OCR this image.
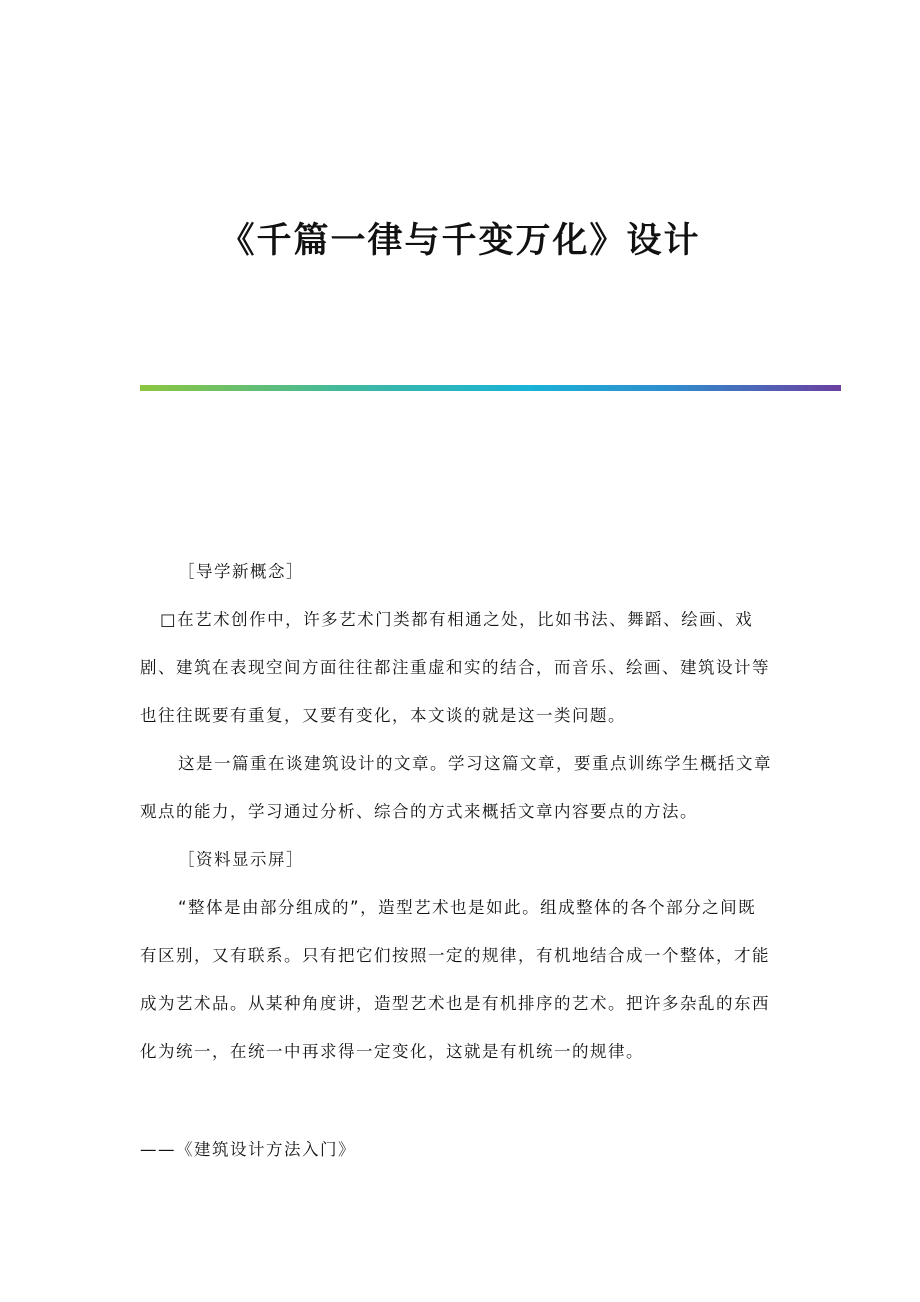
《千篇一律与千变万化》设计

［导学新概念］

□在艺术创作中，许多艺术门类都有相通之处，比如书法、舞蹈、绘画、戏剧、建筑在表现空间方面往往都注重虚和实的结合，而音乐、绘画、建筑设计等也往往既要有重复，又要有变化，本文谈的就是这一类问题。

这是一篇重在谈建筑设计的文章。学习这篇文章，要重点训练学生概括文章观点的能力，学习通过分析、综合的方式来概括文章内容要点的方法。

［资料显示屏］

“整体是由部分组成的”，造型艺术也是如此。组成整体的各个部分之间既有区别，又有联系。只有把它们按照一定的规律，有机地结合成一个整体，才能成为艺术品。从某种角度讲，造型艺术也是有机排序的艺术。把许多杂乱的东西化为统一，在统一中再求得一定变化，这就是有机统一的规律。

——《建筑设计方法入门》
